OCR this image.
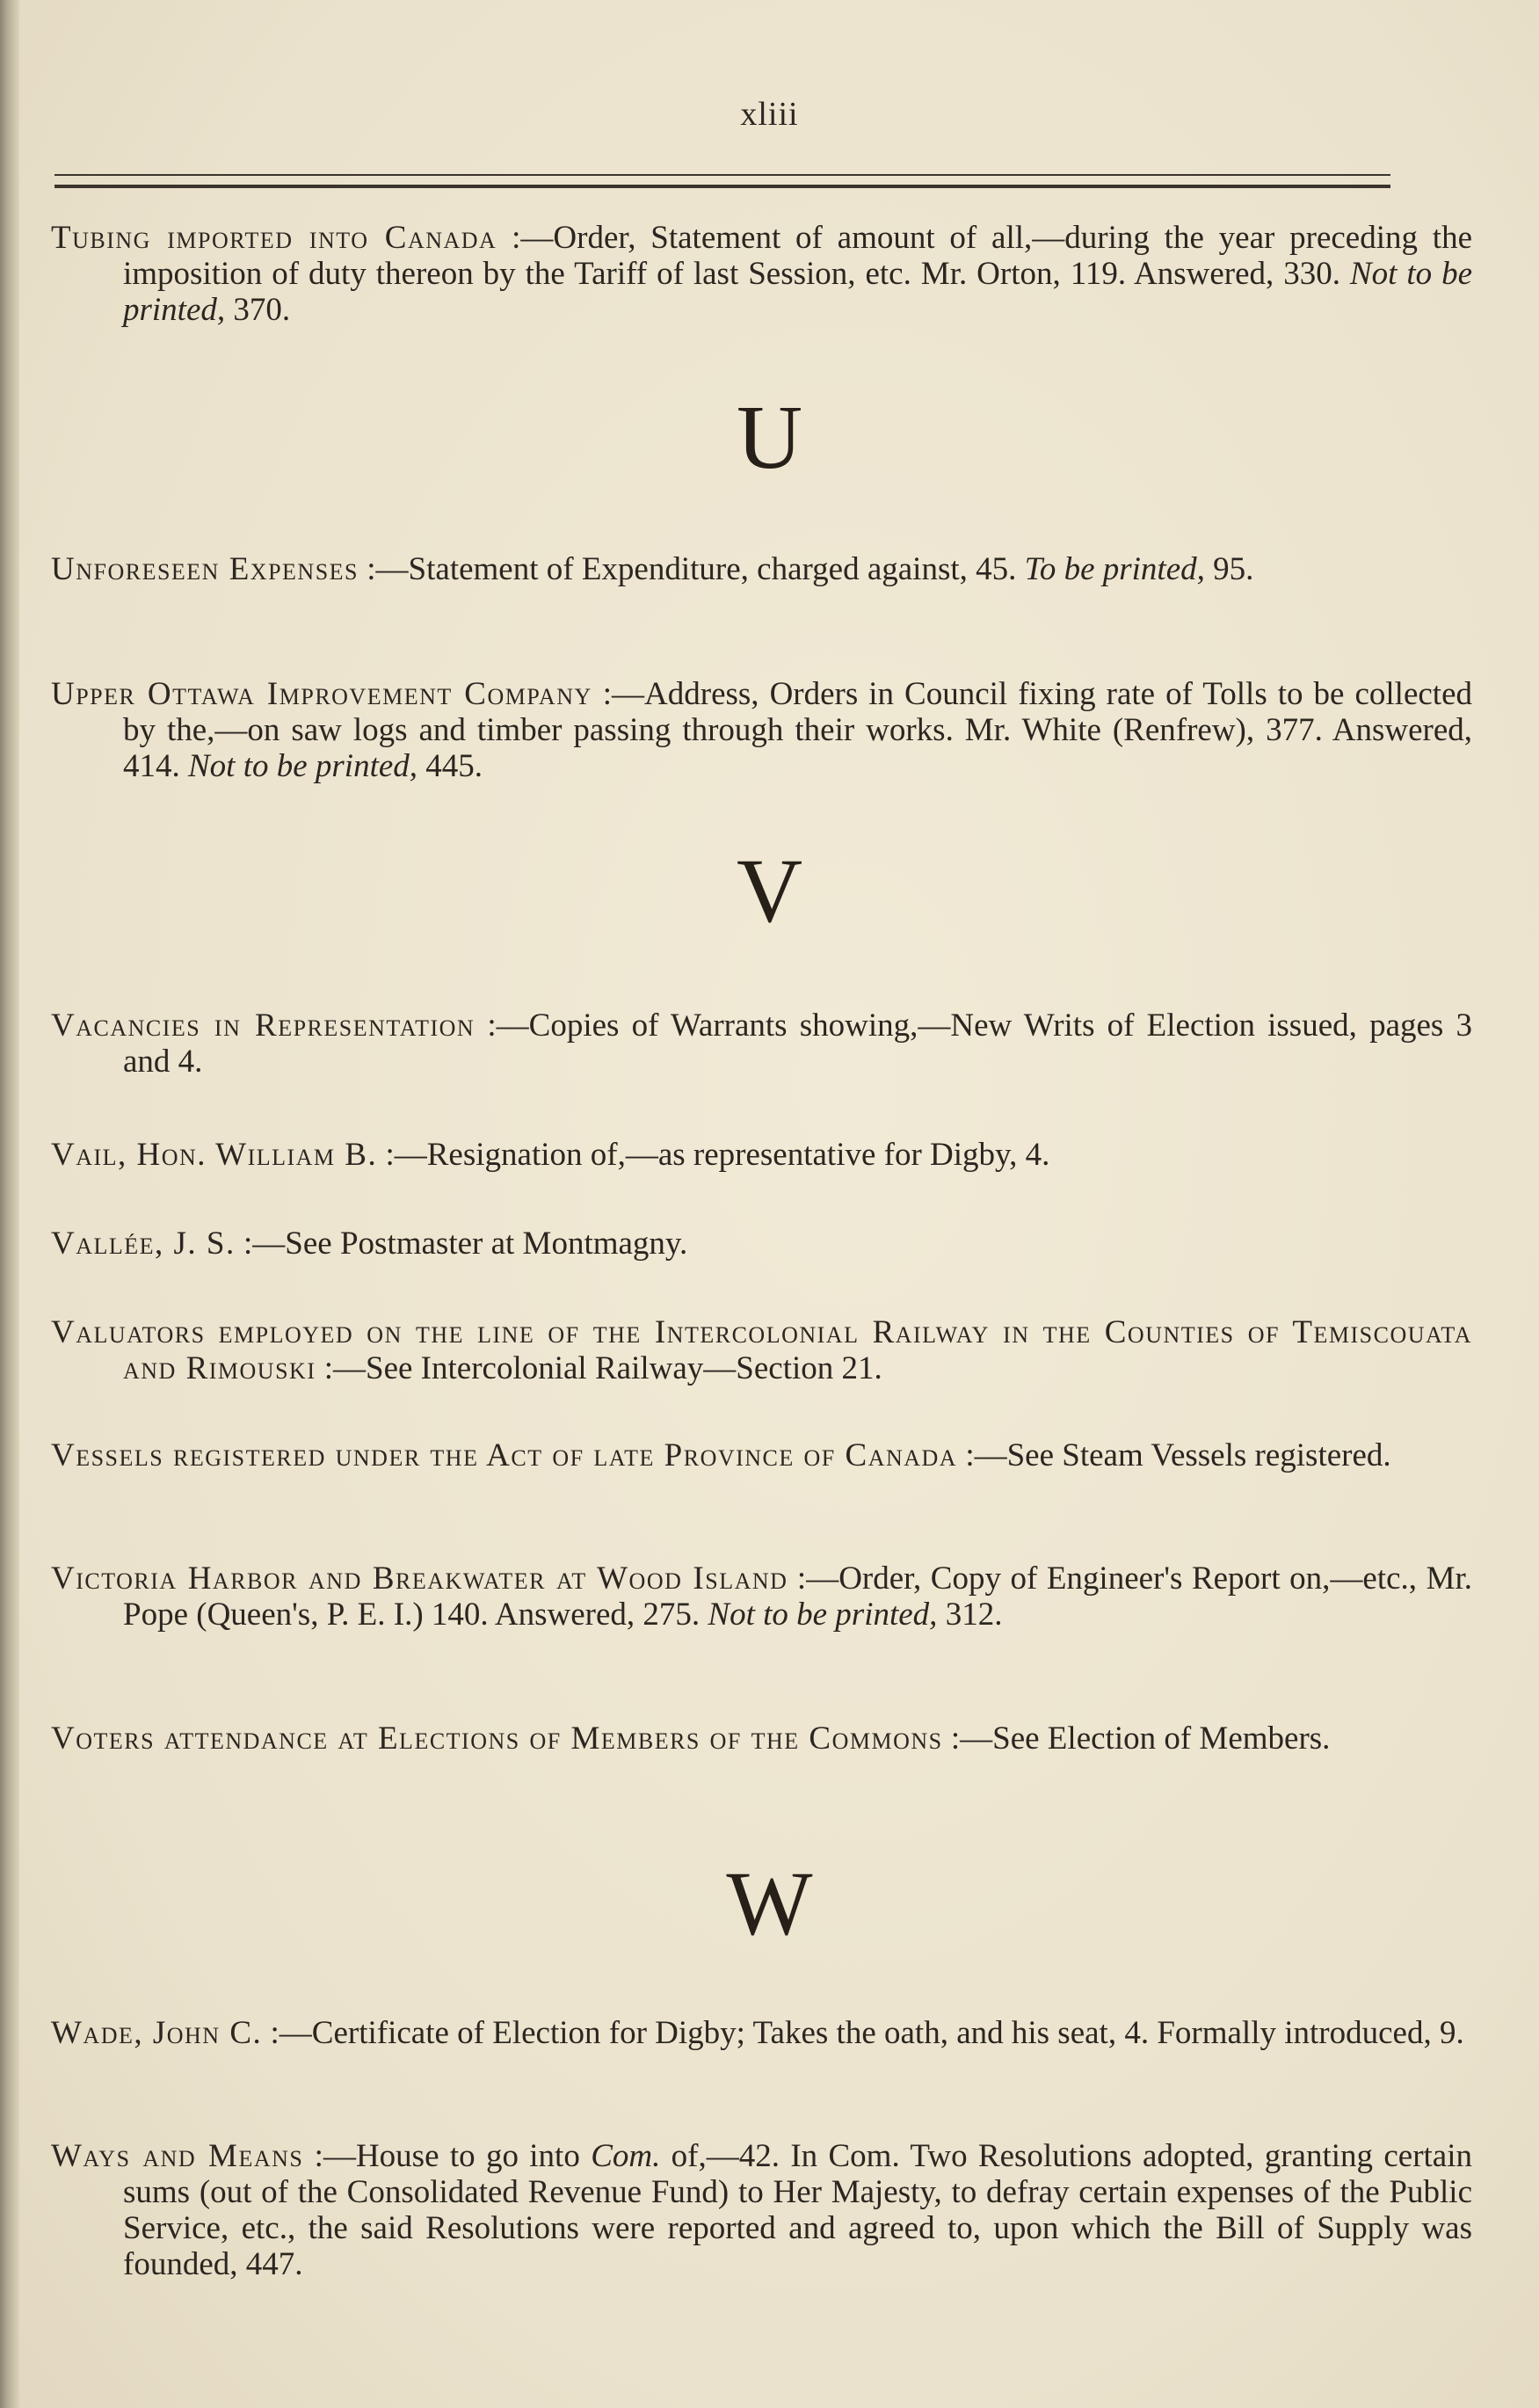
xliii
Tubing imported into Canada :—Order, Statement of amount of all,—during the year preceding the imposition of duty thereon by the Tariff of last Session, etc. Mr. Orton, 119. Answered, 330. Not to be printed, 370.
U
Unforeseen Expenses :—Statement of Expenditure, charged against, 45. To be printed, 95.
Upper Ottawa Improvement Company :—Address, Orders in Council fixing rate of Tolls to be collected by the,—on saw logs and timber passing through their works. Mr. White (Renfrew), 377. Answered, 414. Not to be printed, 445.
V
Vacancies in Representation :—Copies of Warrants showing,—New Writs of Election issued, pages 3 and 4.
Vail, Hon. William B. :—Resignation of,—as representative for Digby, 4.
Vallée, J. S. :—See Postmaster at Montmagny.
Valuators employed on the line of the Intercolonial Railway in the Counties of Temiscouata and Rimouski :—See Intercolonial Railway—Section 21.
Vessels registered under the Act of late Province of Canada :—See Steam Vessels registered.
Victoria Harbor and Breakwater at Wood Island :—Order, Copy of Engineer's Report on,—etc., Mr. Pope (Queen's, P. E. I.) 140. Answered, 275. Not to be printed, 312.
Voters attendance at Elections of Members of the Commons :—See Election of Members.
W
Wade, John C. :—Certificate of Election for Digby; Takes the oath, and his seat, 4. Formally introduced, 9.
Ways and Means :—House to go into Com. of,—42. In Com. Two Resolutions adopted, granting certain sums (out of the Consolidated Revenue Fund) to Her Majesty, to defray certain expenses of the Public Service, etc., the said Resolutions were reported and agreed to, upon which the Bill of Supply was founded, 447.
